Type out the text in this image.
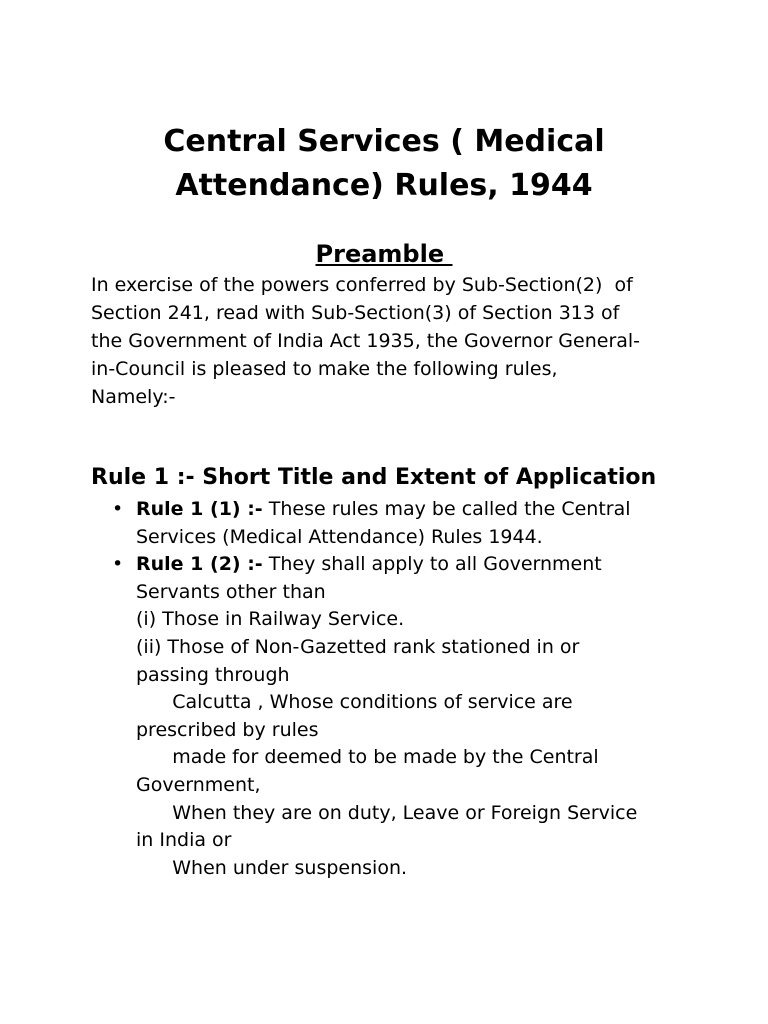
Central Services ( Medical
Attendance) Rules, 1944
Preamble
In exercise of the powers conferred by Sub-Section(2)  of
Section 241, read with Sub-Section(3) of Section 313 of
the Government of India Act 1935, the Governor General-
in-Council is pleased to make the following rules,
Namely:-
Rule 1 :- Short Title and Extent of Application
• Rule 1 (1) :- These rules may be called the Central
Services (Medical Attendance) Rules 1944.
• Rule 1 (2) :- They shall apply to all Government
Servants other than
(i) Those in Railway Service.
(ii) Those of Non-Gazetted rank stationed in or
passing through
Calcutta , Whose conditions of service are
prescribed by rules
made for deemed to be made by the Central
Government,
When they are on duty, Leave or Foreign Service
in India or
When under suspension.
